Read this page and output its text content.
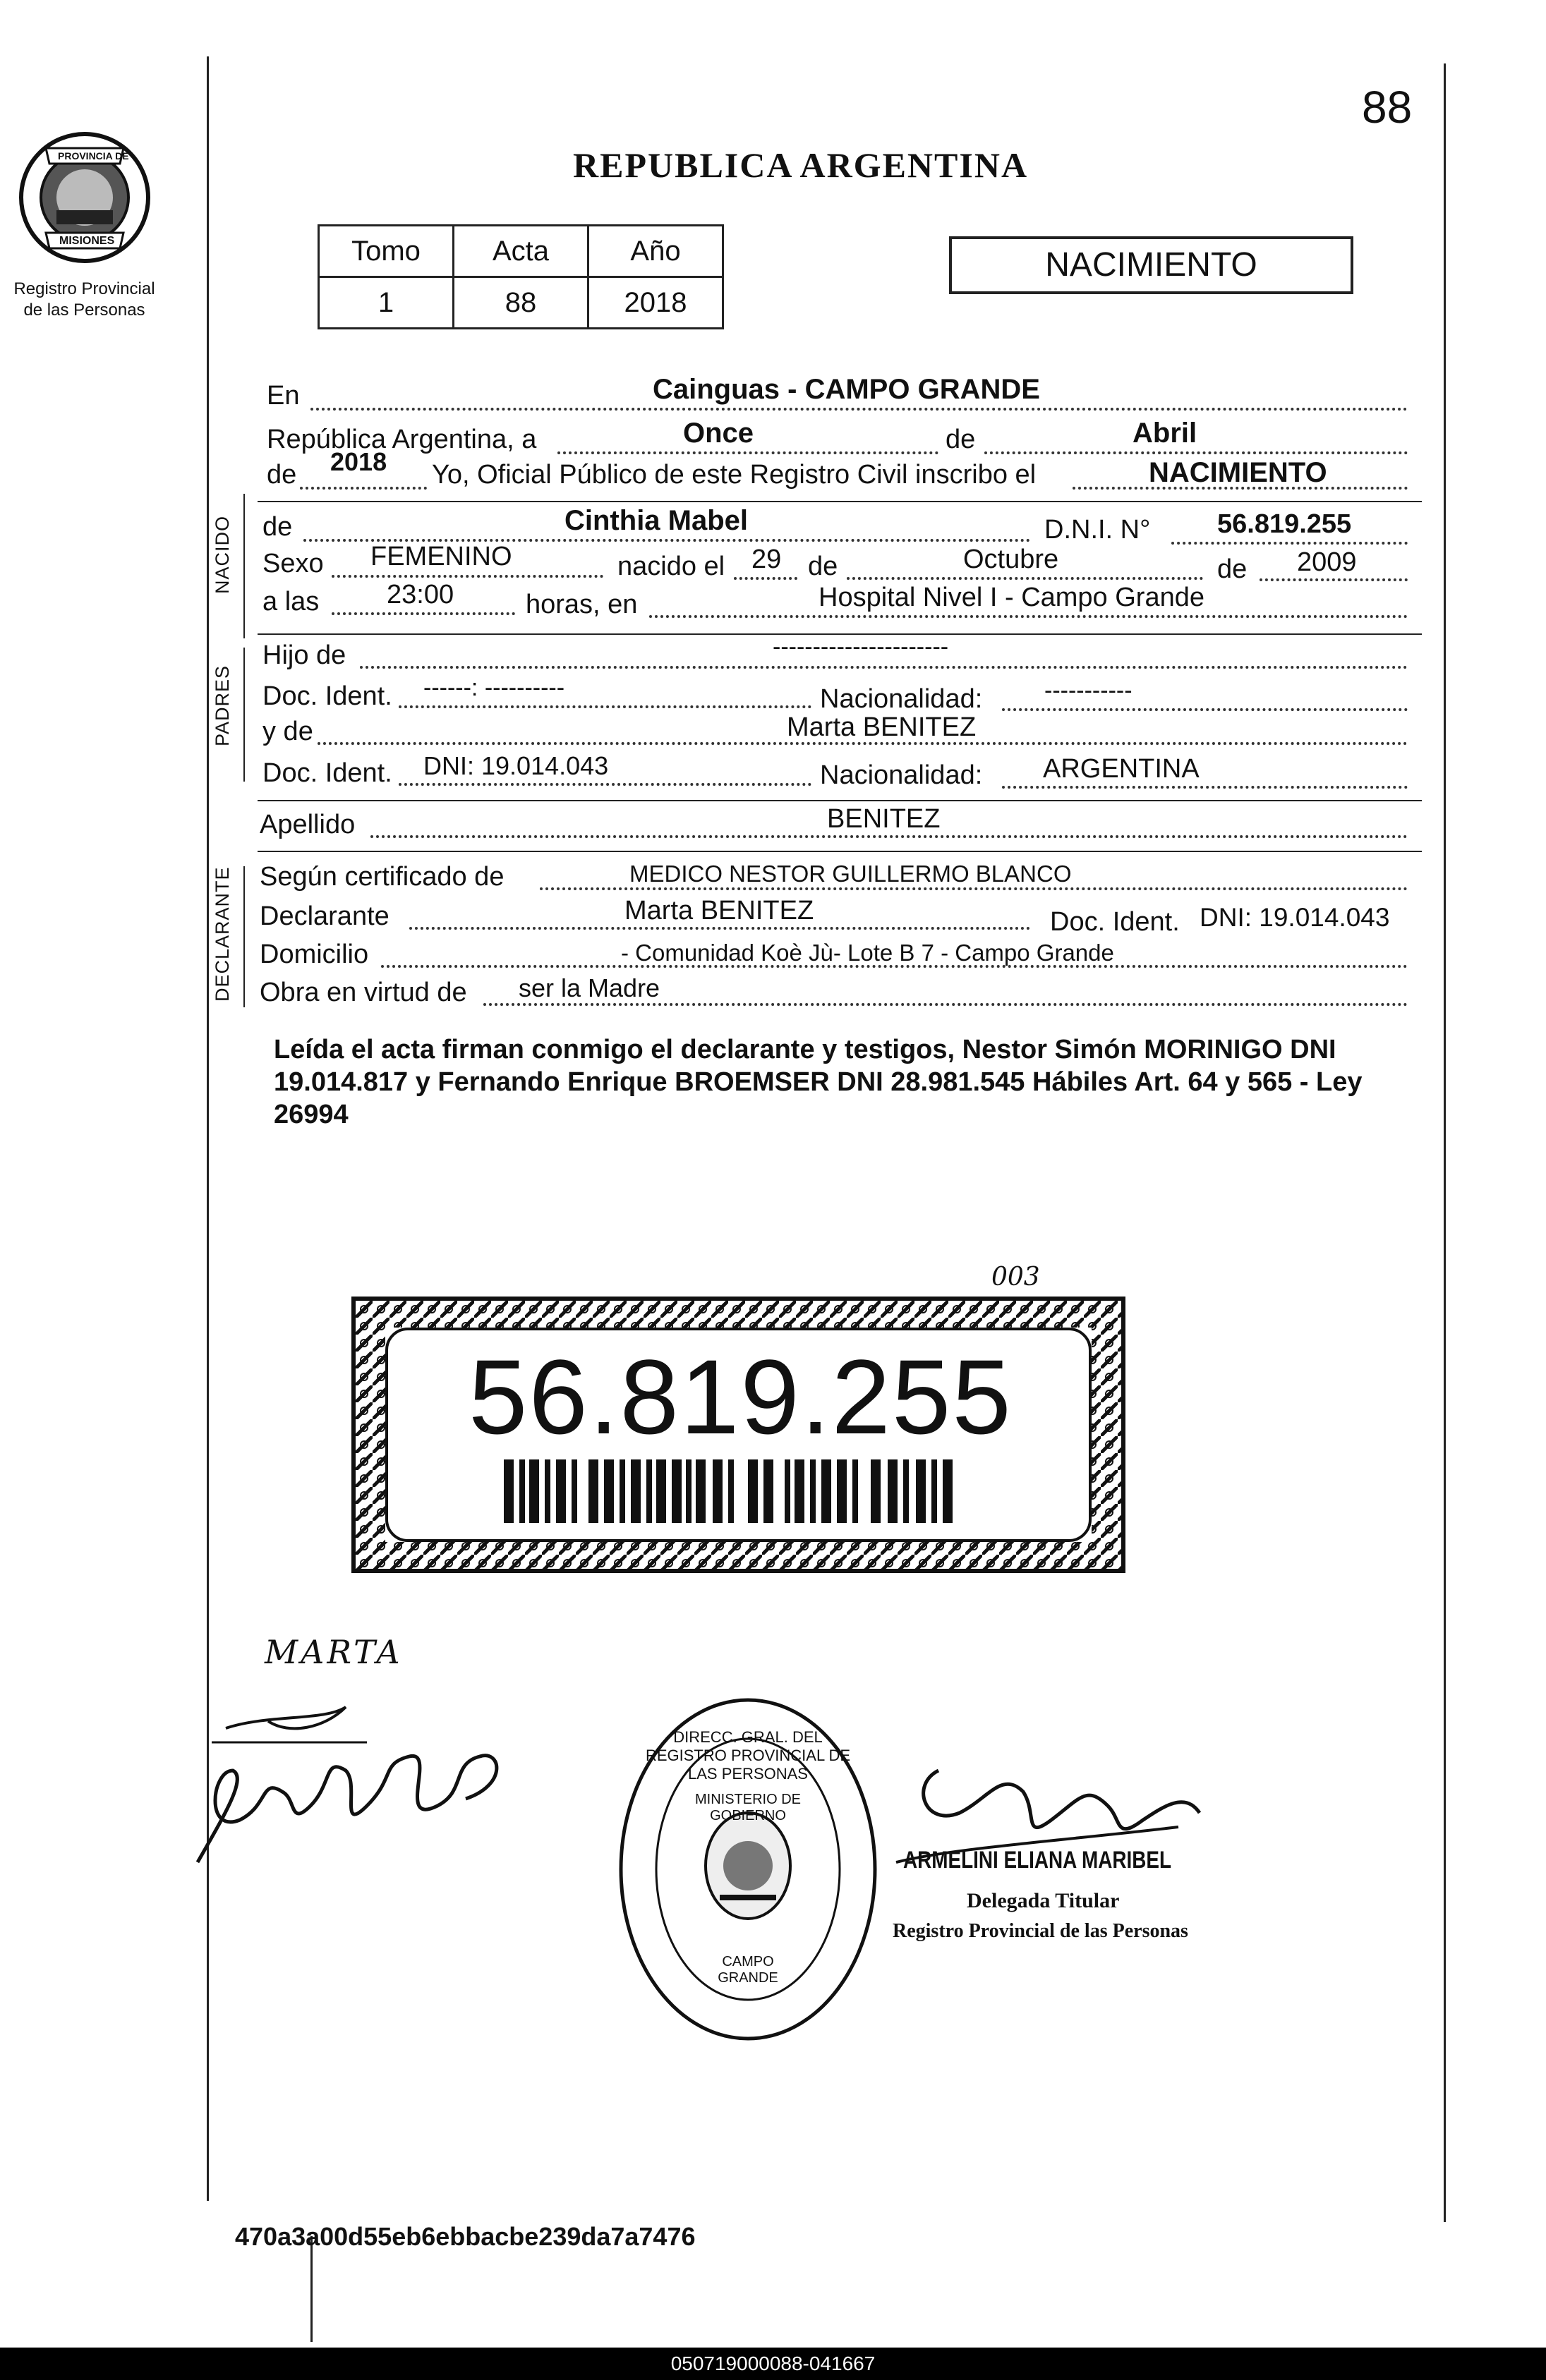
PROVINCIA DE
MISIONES
Registro Provincial
de las Personas
88
REPUBLICA ARGENTINA
Tomo	Acta	Año
1	88	2018
NACIMIENTO
NACIDO
PADRES
DECLARANTE
En	Cainguas - CAMPO GRANDE
República Argentina, a	Once	de	Abril
de 2018 Yo, Oficial Público de este Registro Civil inscribo el	NACIMIENTO
de	Cinthia Mabel	D.N.I. N° 56.819.255
Sexo FEMENINO	nacido el 29 de	Octubre	de 2009
a las	23:00	horas, en	Hospital Nivel I - Campo Grande
Hijo de	----------------------
Doc. Ident. ------: ----------	Nacionalidad:	-----------
y de	Marta BENITEZ
Doc. Ident. DNI: 19.014.043	Nacionalidad: ARGENTINA
Apellido	BENITEZ
Según certificado de	MEDICO NESTOR GUILLERMO BLANCO
Declarante	Marta BENITEZ	Doc. Ident. DNI: 19.014.043
Domicilio	- Comunidad Koè Jù- Lote B 7 - Campo Grande
Obra en virtud de ser la Madre
Leída el acta firman conmigo el declarante y testigos, Nestor Simón MORINIGO DNI 19.014.817 y Fernando Enrique BROEMSER DNI 28.981.545 Hábiles Art. 64 y 565 - Ley 26994
56.819.255
003
MARTA
DIRECC. GRAL. DEL REGISTRO PROVINCIAL DE LAS PERSONAS
MINISTERIO DE GOBIERNO
CAMPO GRANDE
ARMELINI ELIANA MARIBEL
Delegada Titular
Registro Provincial de las Personas
470a3a00d55eb6ebbacbe239da7a7476
050719000088-041667
